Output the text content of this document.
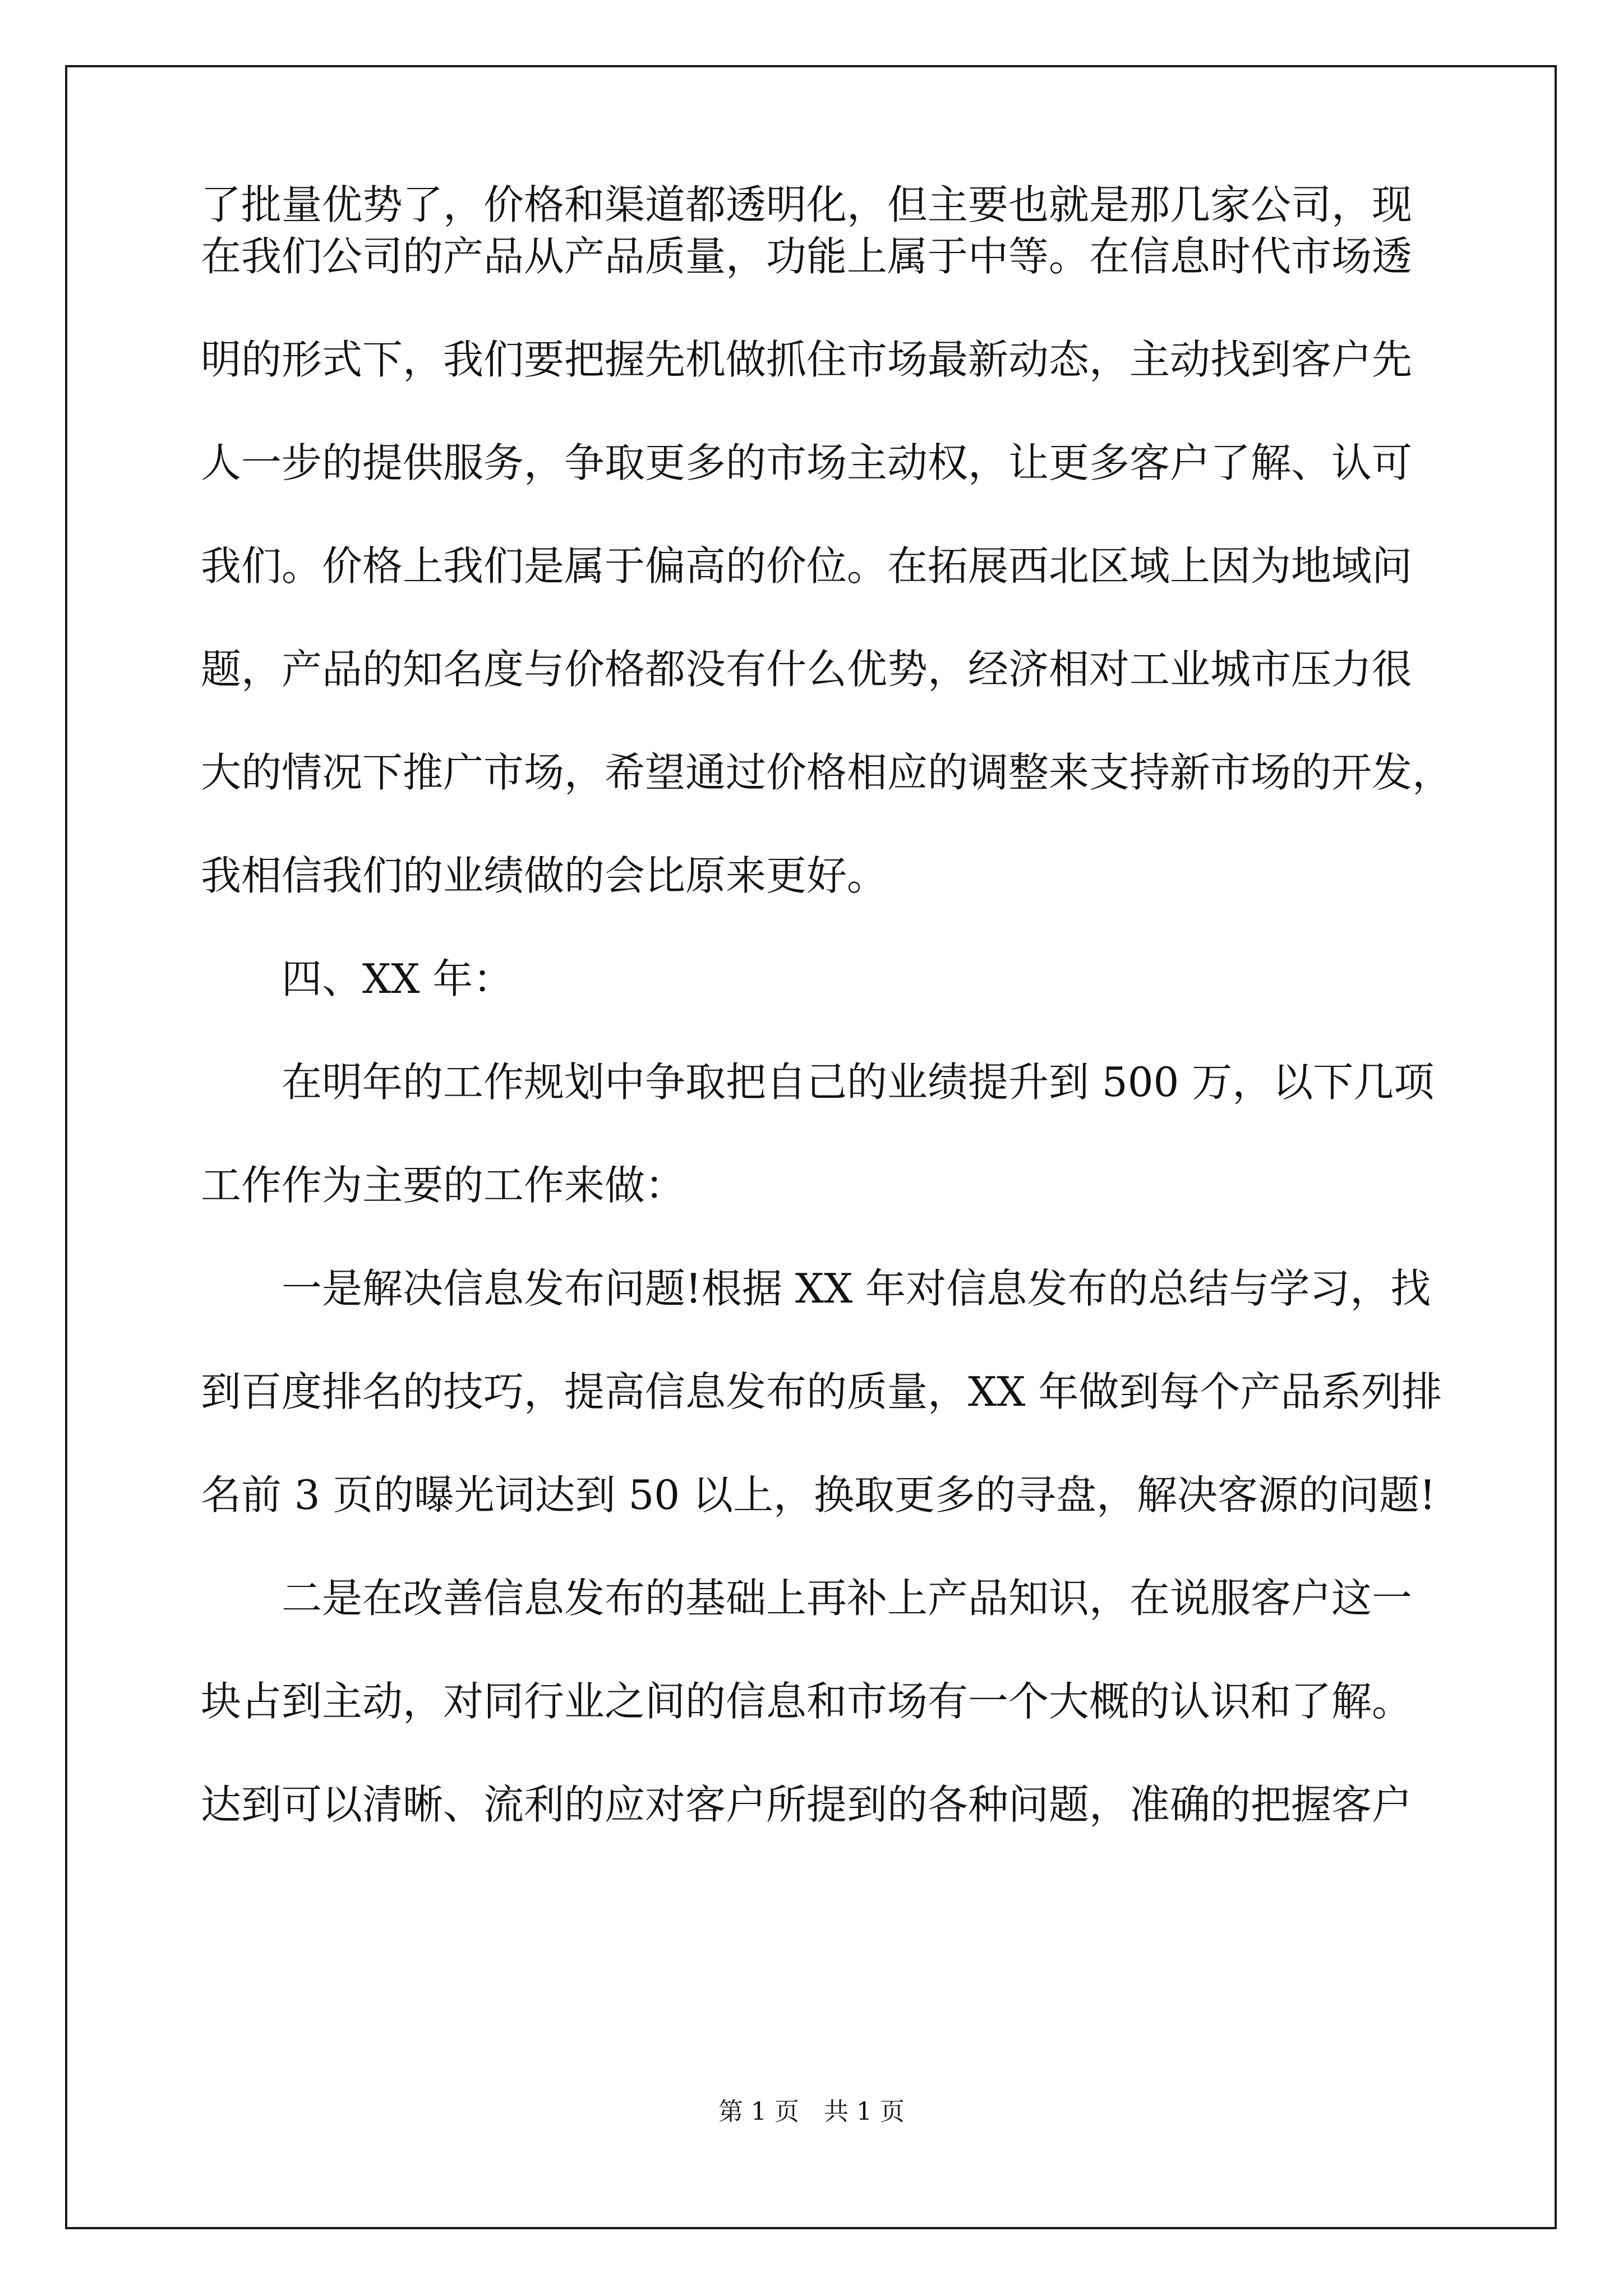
了批量优势了，价格和渠道都透明化，但主要也就是那几家公司，现
在我们公司的产品从产品质量，功能上属于中等。在信息时代市场透
明的形式下，我们要把握先机做抓住市场最新动态，主动找到客户先
人一步的提供服务，争取更多的市场主动权，让更多客户了解、认可
我们。价格上我们是属于偏高的价位。在拓展西北区域上因为地域问
题，产品的知名度与价格都没有什么优势，经济相对工业城市压力很
大的情况下推广市场，希望通过价格相应的调整来支持新市场的开发，
我相信我们的业绩做的会比原来更好。
　　四、XX 年：
　　在明年的工作规划中争取把自己的业绩提升到 500 万，以下几项
工作作为主要的工作来做：
　　一是解决信息发布问题!根据 XX 年对信息发布的总结与学习，找
到百度排名的技巧，提高信息发布的质量，XX 年做到每个产品系列排
名前 3 页的曝光词达到 50 以上，换取更多的寻盘，解决客源的问题!
　　二是在改善信息发布的基础上再补上产品知识，在说服客户这一
块占到主动，对同行业之间的信息和市场有一个大概的认识和了解。
达到可以清晰、流利的应对客户所提到的各种问题，准确的把握客户
第 1 页　共 1 页
